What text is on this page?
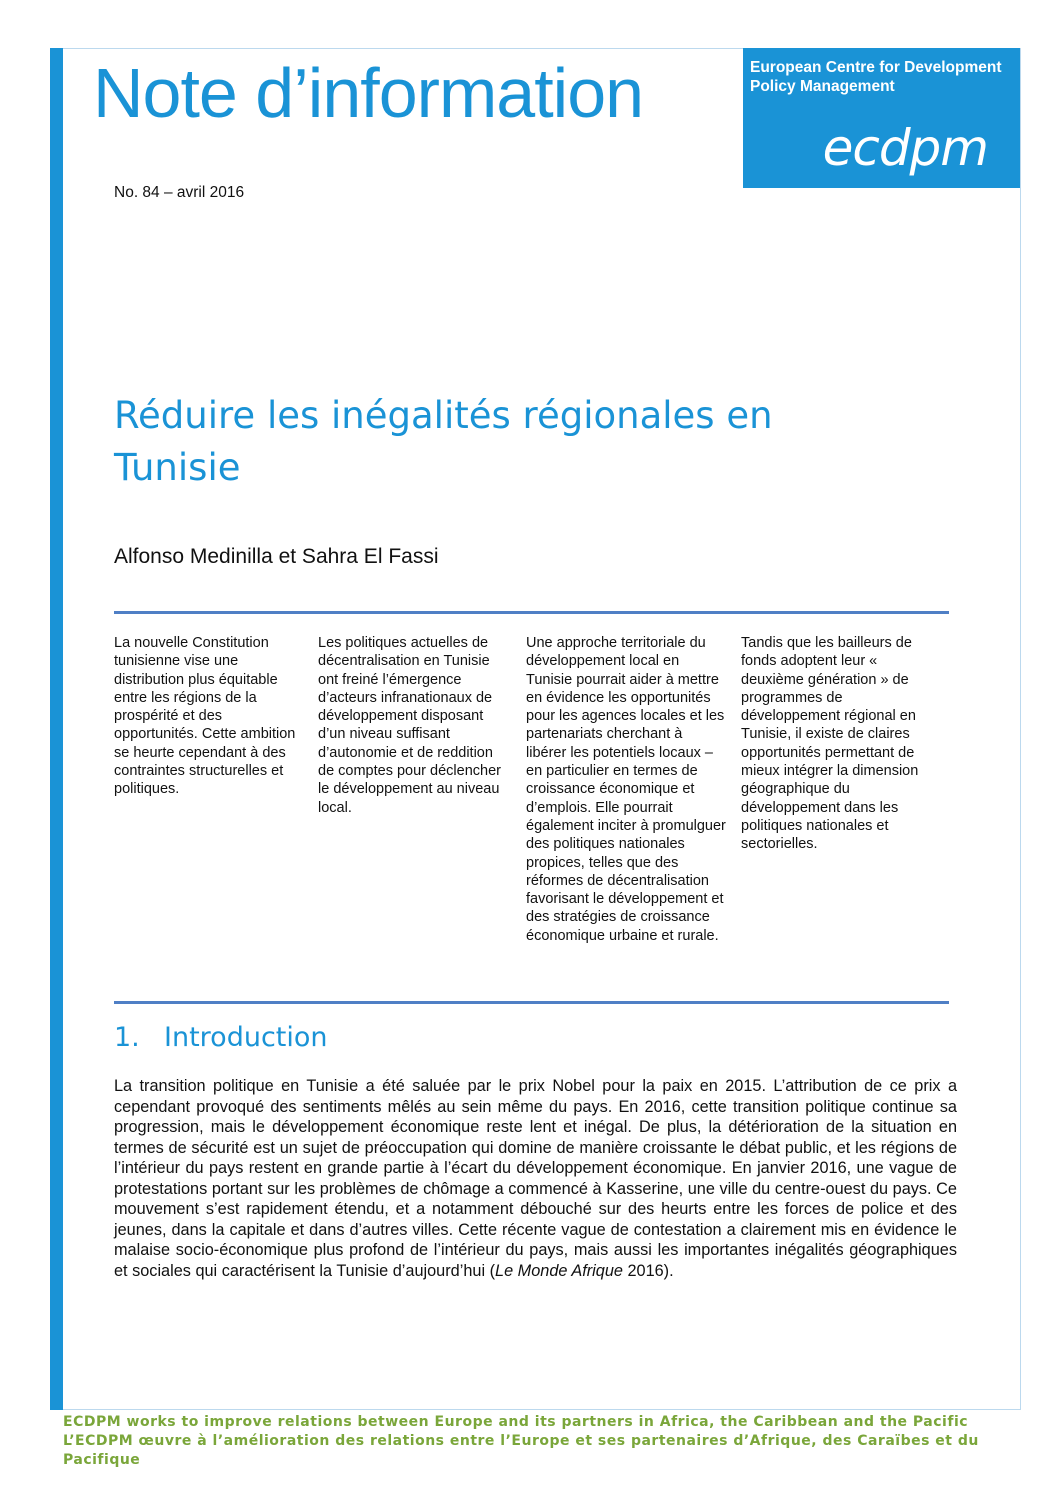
Note d’information	European Centre for Development
Policy Management
ecdpm
No. 84 – avril 2016
Réduire les inégalités régionales en
Tunisie
Alfonso Medinilla et Sahra El Fassi
La nouvelle Constitution tunisienne vise une distribution plus équitable entre les régions de la prospérité et des opportunités. Cette ambition se heurte cependant à des contraintes structurelles et politiques.
Les politiques actuelles de décentralisation en Tunisie ont freiné l’émergence d’acteurs infranationaux de développement disposant d’un niveau suffisant d’autonomie et de reddition de comptes pour déclencher le développement au niveau local.
Une approche territoriale du développement local en Tunisie pourrait aider à mettre en évidence les opportunités pour les agences locales et les partenariats cherchant à libérer les potentiels locaux – en particulier en termes de croissance économique et d’emplois. Elle pourrait également inciter à promulguer des politiques nationales propices, telles que des réformes de décentralisation favorisant le développement et des stratégies de croissance économique urbaine et rurale.
Tandis que les bailleurs de fonds adoptent leur « deuxième génération » de programmes de développement régional en Tunisie, il existe de claires opportunités permettant de mieux intégrer la dimension géographique du développement dans les politiques nationales et sectorielles.
1. Introduction
La transition politique en Tunisie a été saluée par le prix Nobel pour la paix en 2015. L’attribution de ce prix a cependant provoqué des sentiments mêlés au sein même du pays. En 2016, cette transition politique continue sa progression, mais le développement économique reste lent et inégal. De plus, la détérioration de la situation en termes de sécurité est un sujet de préoccupation qui domine de manière croissante le débat public, et les régions de l’intérieur du pays restent en grande partie à l’écart du développement économique. En janvier 2016, une vague de protestations portant sur les problèmes de chômage a commencé à Kasserine, une ville du centre-ouest du pays. Ce mouvement s’est rapidement étendu, et a notamment débouché sur des heurts entre les forces de police et des jeunes, dans la capitale et dans d’autres villes. Cette récente vague de contestation a clairement mis en évidence le malaise socio-économique plus profond de l’intérieur du pays, mais aussi les importantes inégalités géographiques et sociales qui caractérisent la Tunisie d’aujourd’hui (Le Monde Afrique 2016).
ECDPM works to improve relations between Europe and its partners in Africa, the Caribbean and the Pacific L’ECDPM œuvre à l’amélioration des relations entre l’Europe et ses partenaires d’Afrique, des Caraïbes et du Pacifique
